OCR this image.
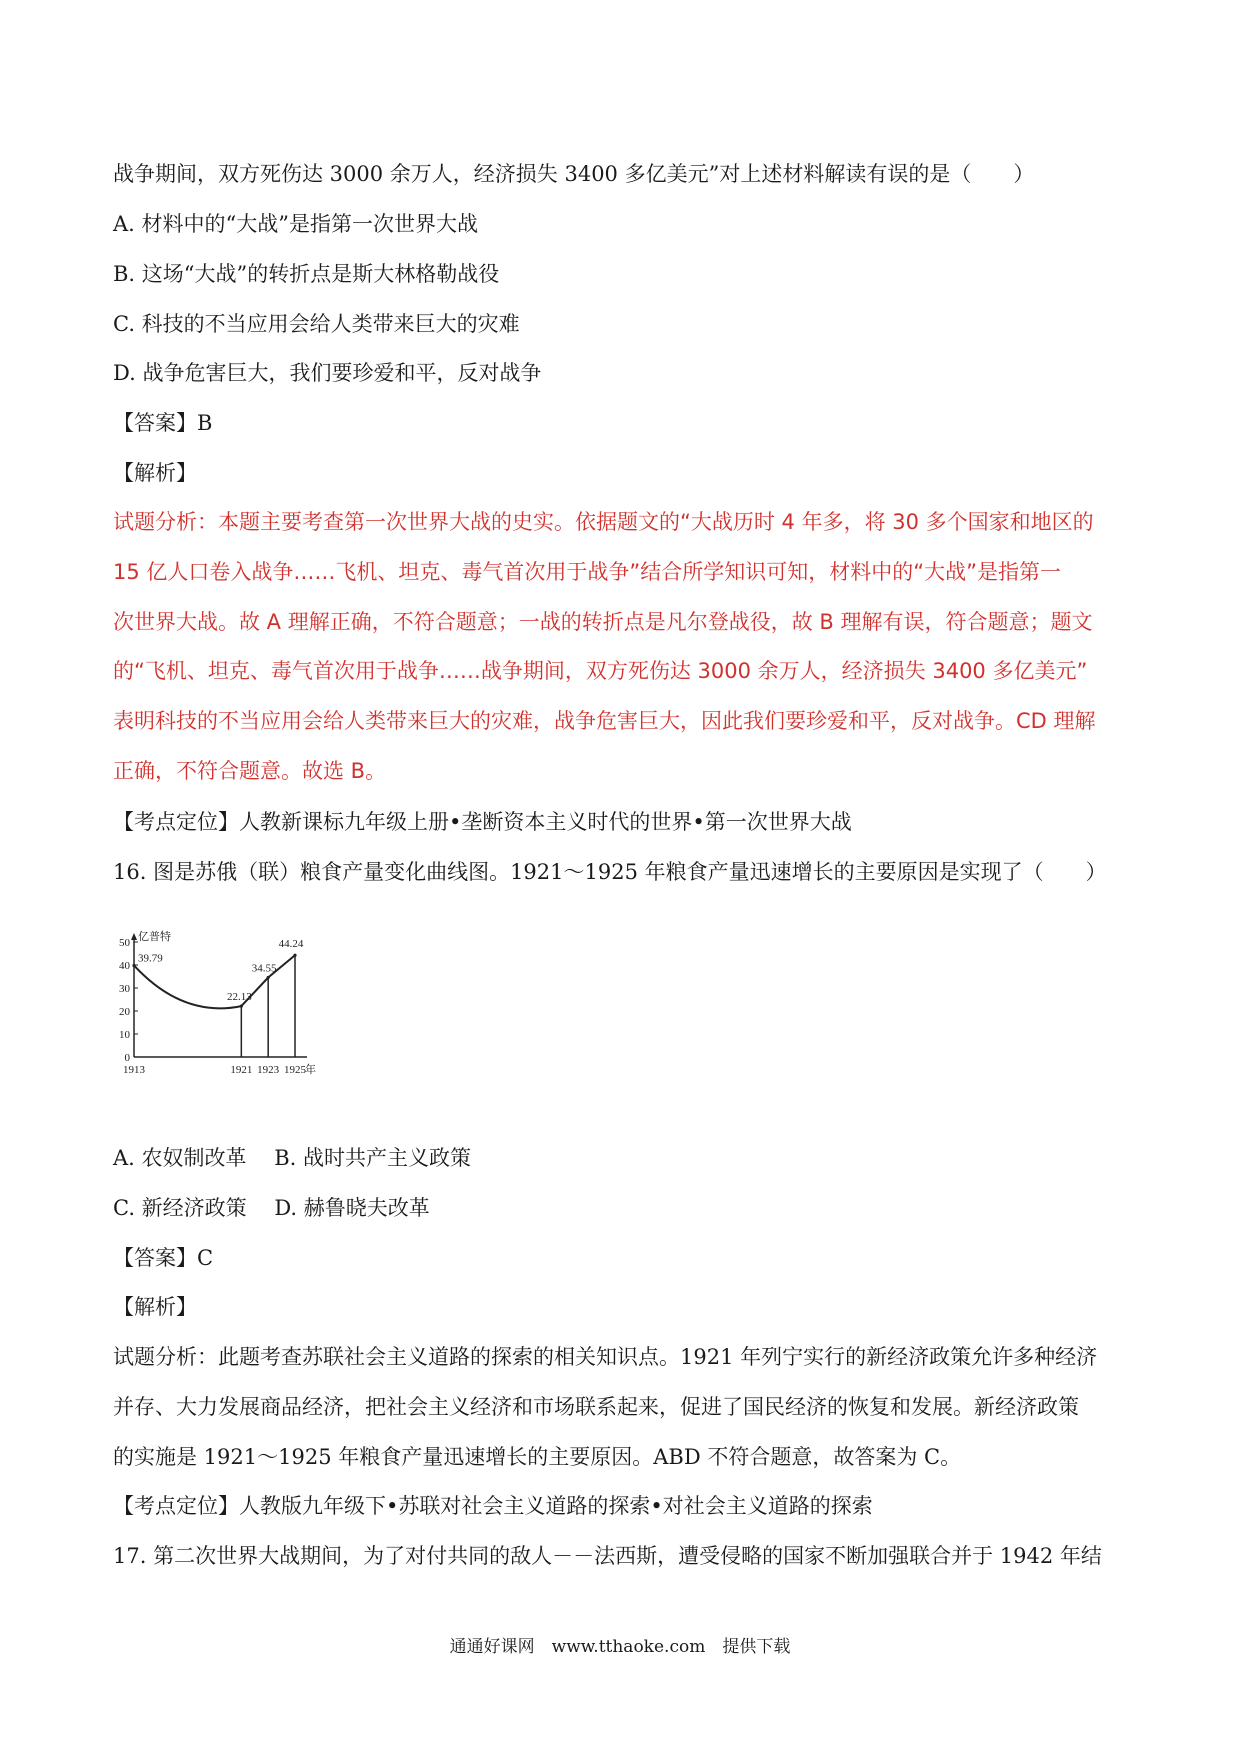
战争期间，双方死伤达 3000 余万人，经济损失 3400 多亿美元”对上述材料解读有误的是（　　）
A. 材料中的“大战”是指第一次世界大战
B. 这场“大战”的转折点是斯大林格勒战役
C. 科技的不当应用会给人类带来巨大的灾难
D. 战争危害巨大，我们要珍爱和平，反对战争
【答案】B
【解析】
试题分析：本题主要考查第一次世界大战的史实。依据题文的“大战历时 4 年多，将 30 多个国家和地区的
15 亿人口卷入战争……飞机、坦克、毒气首次用于战争”结合所学知识可知，材料中的“大战”是指第一
次世界大战。故 A 理解正确，不符合题意；一战的转折点是凡尔登战役，故 B 理解有误，符合题意；题文
的“飞机、坦克、毒气首次用于战争……战争期间，双方死伤达 3000 余万人，经济损失 3400 多亿美元”
表明科技的不当应用会给人类带来巨大的灾难，战争危害巨大，因此我们要珍爱和平，反对战争。CD 理解
正确，不符合题意。故选 B。
【考点定位】人教新课标九年级上册•垄断资本主义时代的世界•第一次世界大战
16. 图是苏俄（联）粮食产量变化曲线图。1921～1925 年粮食产量迅速增长的主要原因是实现了（　　）
0
10
20
30
40
50
1913	1921 1923 1925 年
亿普特
39.79
22.13
34.55
44.24
A. 农奴制改革　 B. 战时共产主义政策
C. 新经济政策　 D. 赫鲁晓夫改革
【答案】C
【解析】
试题分析：此题考查苏联社会主义道路的探索的相关知识点。1921 年列宁实行的新经济政策允许多种经济
并存、大力发展商品经济，把社会主义经济和市场联系起来，促进了国民经济的恢复和发展。新经济政策
的实施是 1921～1925 年粮食产量迅速增长的主要原因。ABD 不符合题意，故答案为 C。
【考点定位】人教版九年级下•苏联对社会主义道路的探索•对社会主义道路的探索
17. 第二次世界大战期间，为了对付共同的敌人－－法西斯，遭受侵略的国家不断加强联合并于 1942 年结
通通好课网　www.tthaoke.com　提供下载
